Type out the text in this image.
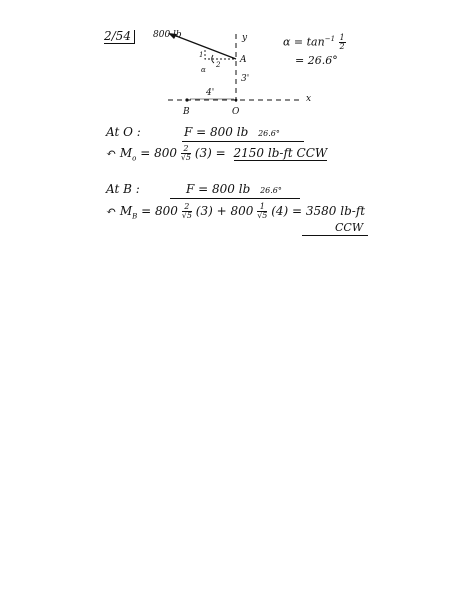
2/54	800 lb	y
x
A
1
2
α
3'
4'
B	O
$\alpha = \tan^{-1} \frac{1}{2}$
= 26.6°
At O :	F = 800 lb 26.6°
↶ $M_o = 800 \frac{2}{√5} (3) = 2150$ lb-ft CCW
At B :	F = 800 lb 26.6°
↶ $M_B = 800 \frac{2}{√5} (3) + 800 \frac{1}{√5} (4) = 3580$ lb-ft
CCW
